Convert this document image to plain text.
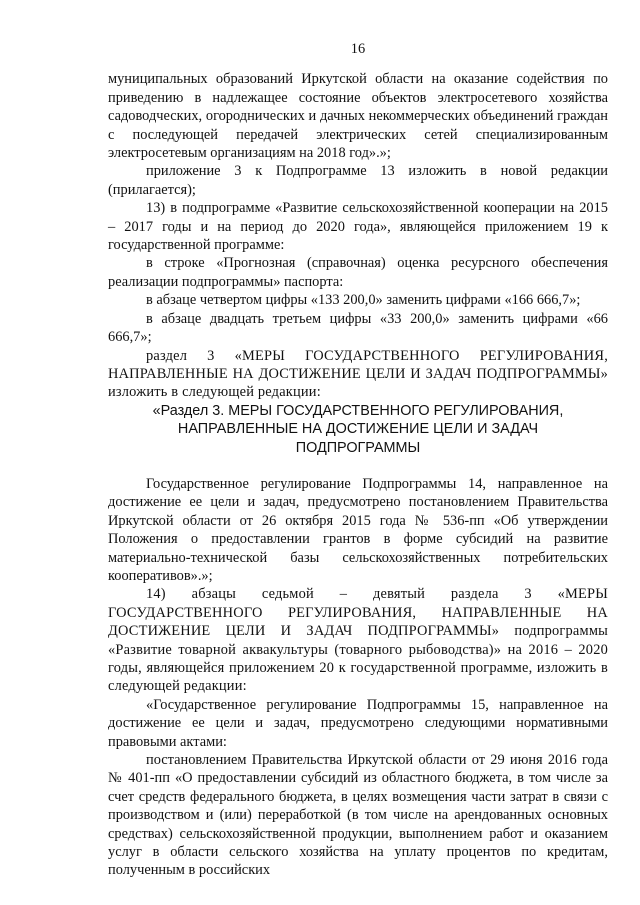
16

муниципальных образований Иркутской области на оказание содействия по приведению в надлежащее состояние объектов электросетевого хозяйства садоводческих, огороднических и дачных некоммерческих объединений граждан с последующей передачей электрических сетей специализированным электросетевым организациям на 2018 год».»;

приложение 3 к Подпрограмме 13 изложить в новой редакции (прилагается);

13) в подпрограмме «Развитие сельскохозяйственной кооперации на 2015 – 2017 годы и на период до 2020 года», являющейся приложением 19 к государственной программе:

в строке «Прогнозная (справочная) оценка ресурсного обеспечения реализации подпрограммы» паспорта:

в абзаце четвертом цифры «133 200,0» заменить цифрами «166 666,7»;

в абзаце двадцать третьем цифры «33 200,0» заменить цифрами «66 666,7»;

раздел 3 «МЕРЫ ГОСУДАРСТВЕННОГО РЕГУЛИРОВАНИЯ, НАПРАВЛЕННЫЕ НА ДОСТИЖЕНИЕ ЦЕЛИ И ЗАДАЧ ПОДПРОГРАММЫ» изложить в следующей редакции:

«Раздел 3. МЕРЫ ГОСУДАРСТВЕННОГО РЕГУЛИРОВАНИЯ, НАПРАВЛЕННЫЕ НА ДОСТИЖЕНИЕ ЦЕЛИ И ЗАДАЧ ПОДПРОГРАММЫ

Государственное регулирование Подпрограммы 14, направленное на достижение ее цели и задач, предусмотрено постановлением Правительства Иркутской области от 26 октября 2015 года № 536-пп «Об утверждении Положения о предоставлении грантов в форме субсидий на развитие материально-технической базы сельскохозяйственных потребительских кооперативов».»;

14) абзацы седьмой – девятый раздела 3 «МЕРЫ ГОСУДАРСТВЕННОГО РЕГУЛИРОВАНИЯ, НАПРАВЛЕННЫЕ НА ДОСТИЖЕНИЕ ЦЕЛИ И ЗАДАЧ ПОДПРОГРАММЫ» подпрограммы «Развитие товарной аквакультуры (товарного рыбоводства)» на 2016 – 2020 годы, являющейся приложением 20 к государственной программе, изложить в следующей редакции:

«Государственное регулирование Подпрограммы 15, направленное на достижение ее цели и задач, предусмотрено следующими нормативными правовыми актами:

постановлением Правительства Иркутской области от 29 июня 2016 года № 401-пп «О предоставлении субсидий из областного бюджета, в том числе за счет средств федерального бюджета, в целях возмещения части затрат в связи с производством и (или) переработкой (в том числе на арендованных основных средствах) сельскохозяйственной продукции, выполнением работ и оказанием услуг в области сельского хозяйства на уплату процентов по кредитам, полученным в российских
